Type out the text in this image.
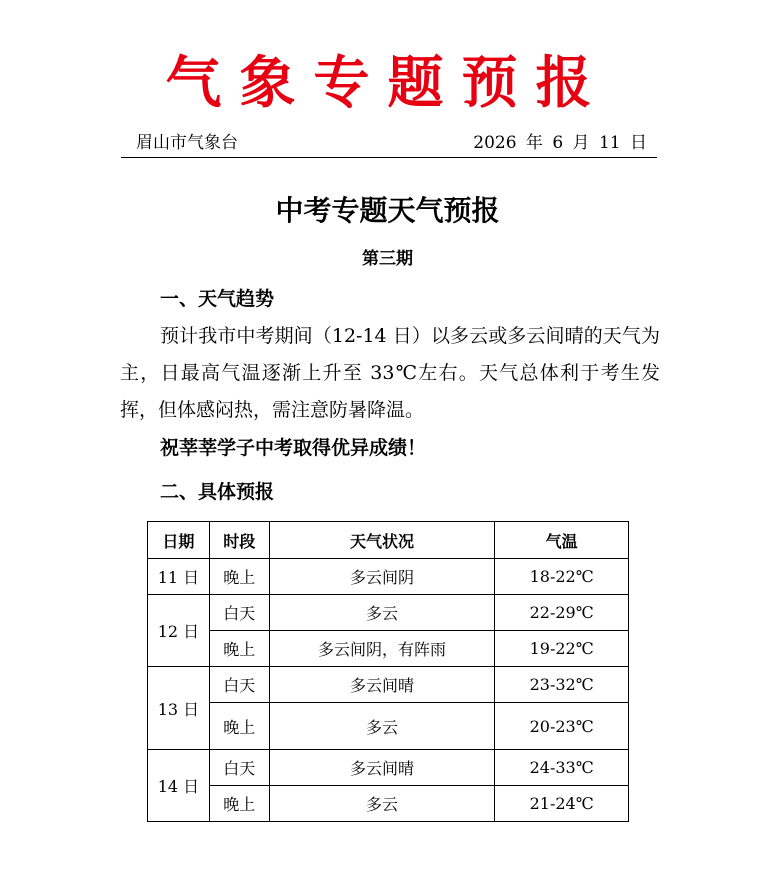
气象专题预报
眉山市气象台	2026 年 6 月 11 日
中考专题天气预报
第三期
一、天气趋势
预计我市中考期间（12-14 日）以多云或多云间晴的天气为主，日最高气温逐渐上升至 33℃左右。天气总体利于考生发挥，但体感闷热，需注意防暑降温。
祝莘莘学子中考取得优异成绩！
二、具体预报
日期	时段	天气状况	气温
11 日	晚上	多云间阴	18-22℃
12 日	白天	多云	22-29℃
	晚上	多云间阴，有阵雨	19-22℃
13 日	白天	多云间晴	23-32℃
	晚上	多云	20-23℃
14 日	白天	多云间晴	24-33℃
	晚上	多云	21-24℃
